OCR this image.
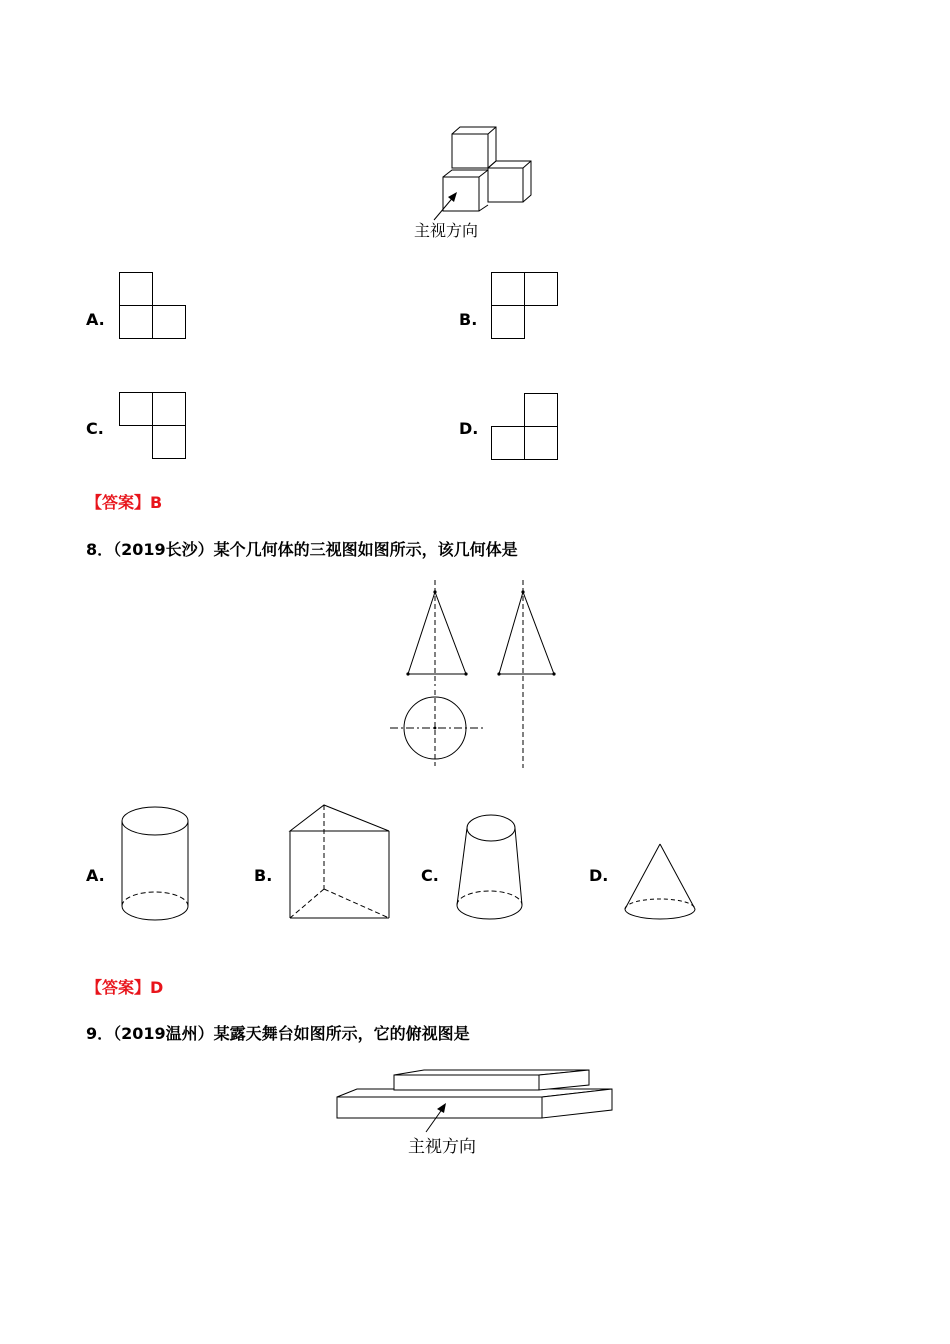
主视方向
A.	B.
C.	D.
【答案】B
8．（2019长沙）某个几何体的三视图如图所示，该几何体是
A.	B.	C.	D.
【答案】D
9．（2019温州）某露天舞台如图所示，它的俯视图是
主视方向
